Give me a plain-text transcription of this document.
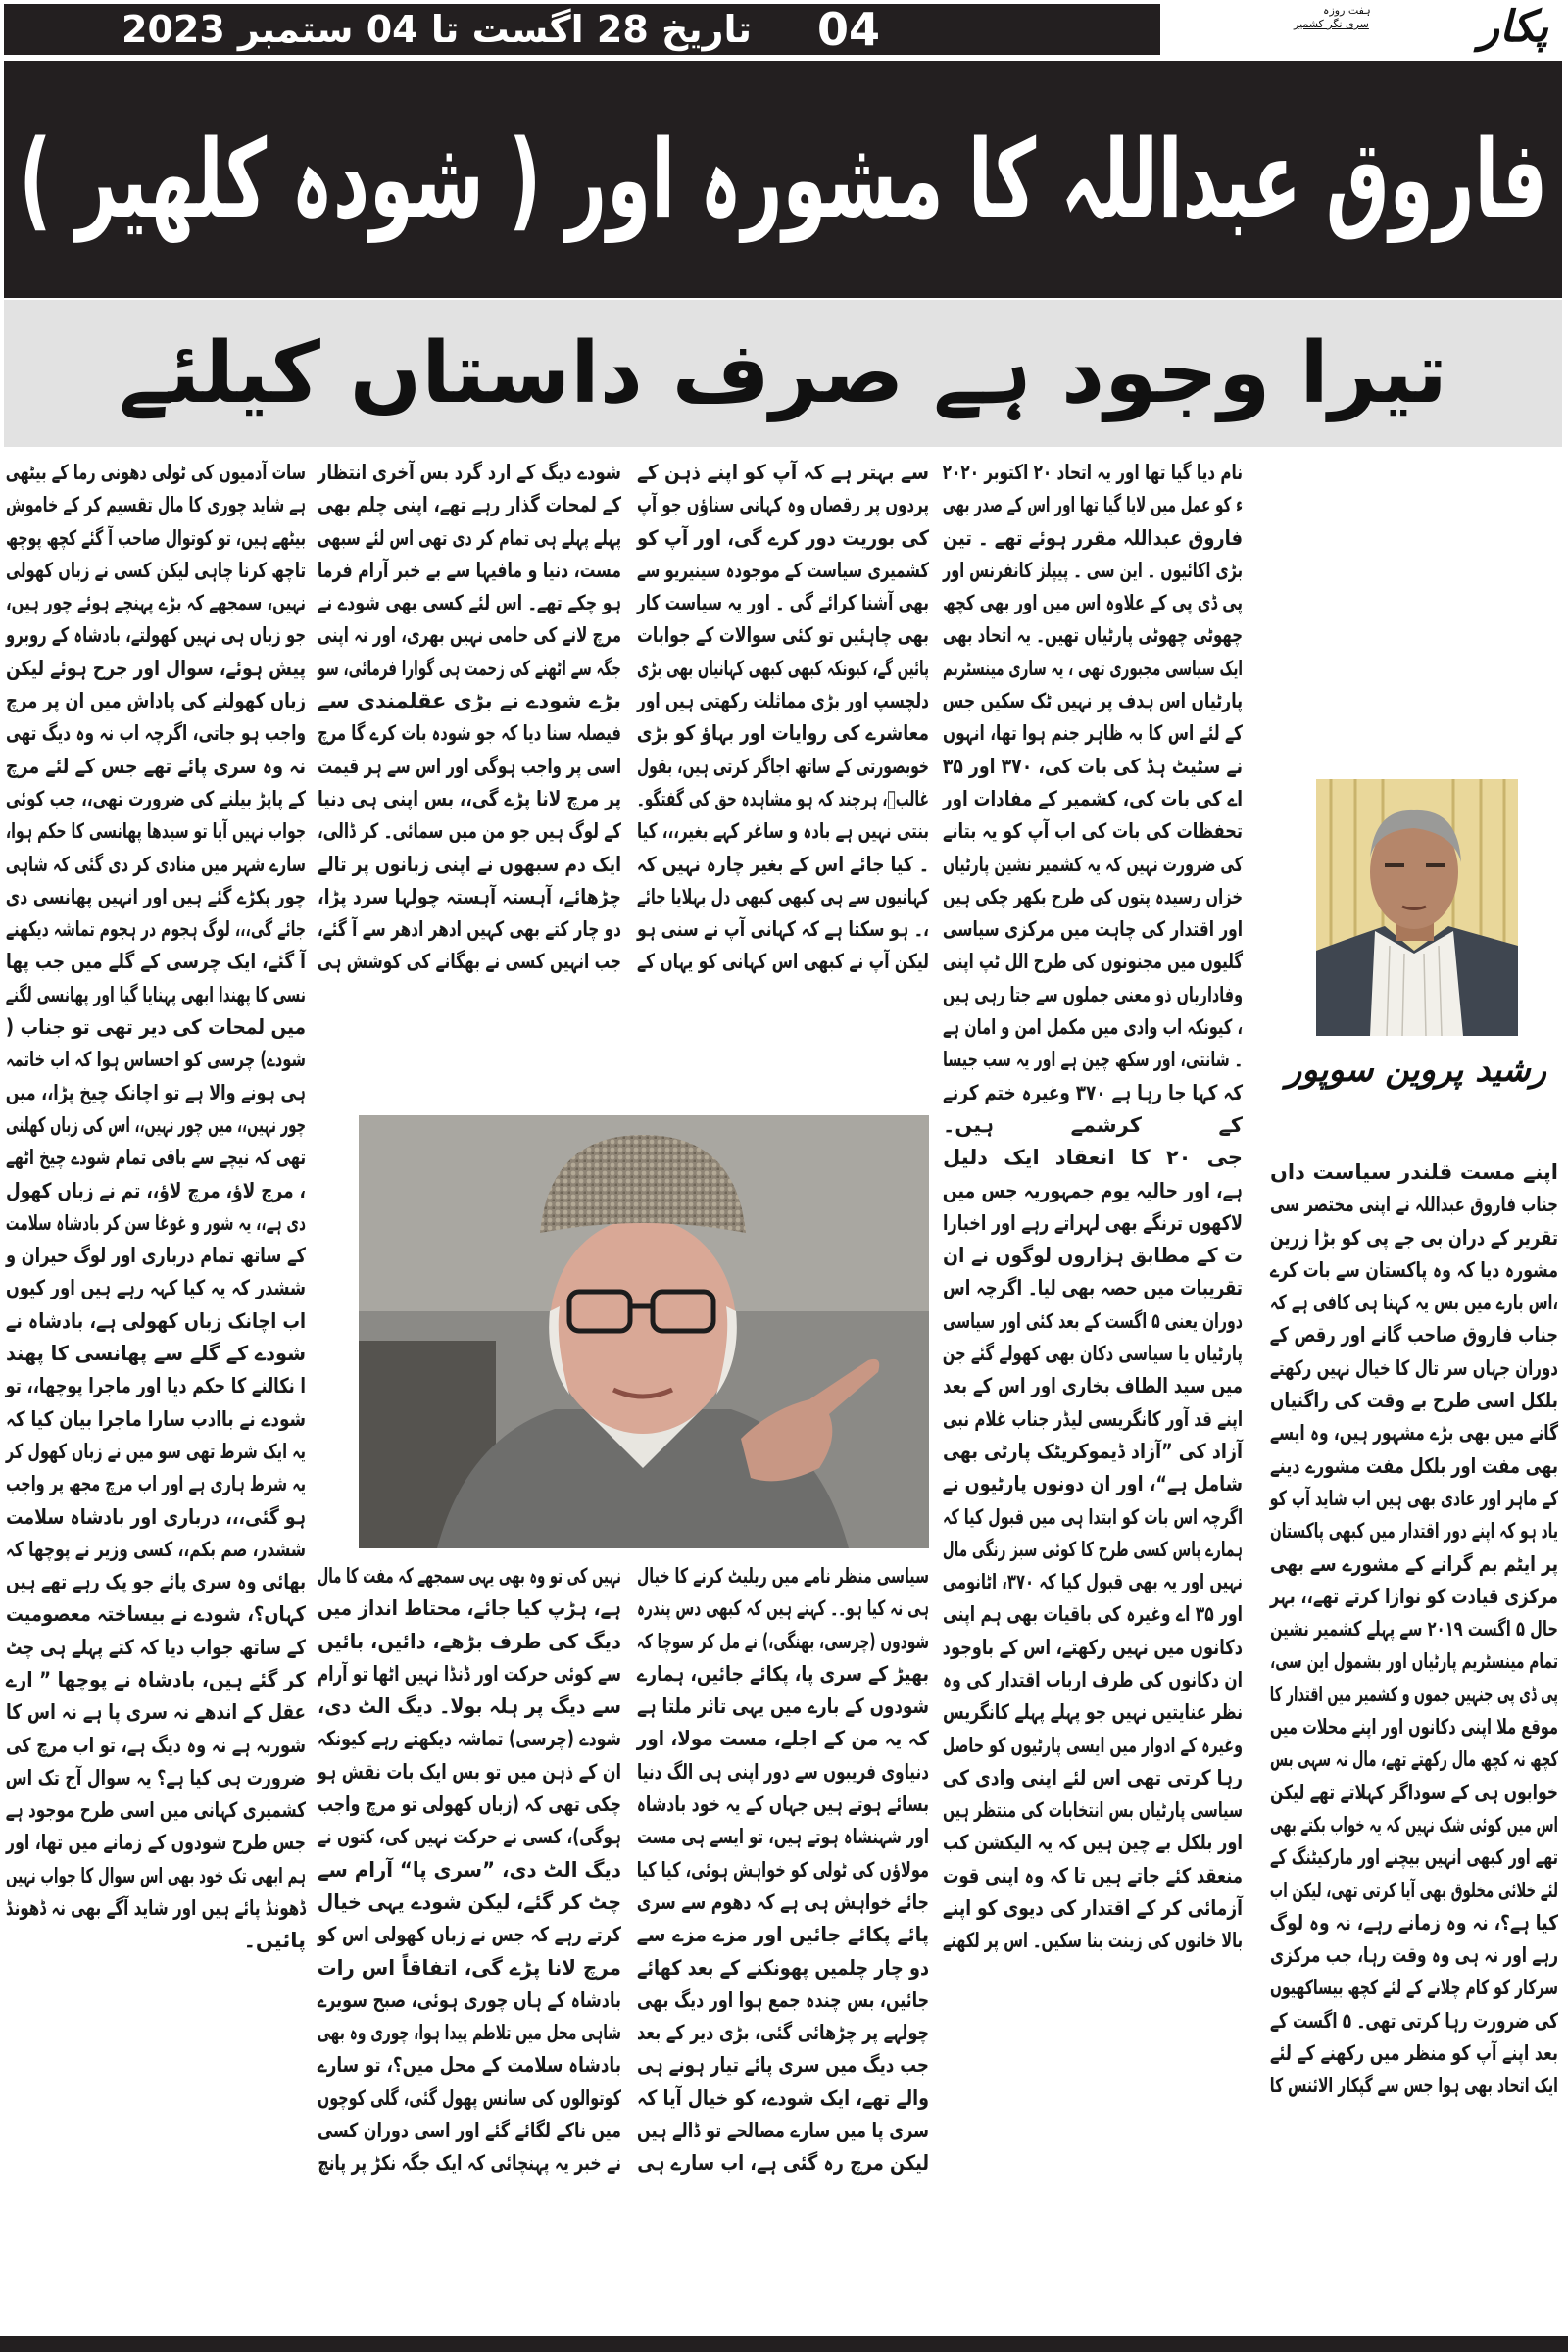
تاریخ 28 اگست تا 04 ستمبر 2023 04	پکار
ہفت روزہ
سری نگر کشمیر
فاروق عبداللہ کا مشورہ اور ( شودہ کلھیر )
تیرا وجود ہے صرف داستاں کیلئے
رشید پروین سوپور
اپنے مست قلندر سیاست داں
جناب فاروق عبداللہ نے اپنی مختصر سی
تقریر کے دران بی جے پی کو بڑا زرین
مشورہ دیا کہ وہ پاکستان سے بات کرے
،اس بارے میں بس یہ کہنا ہی کافی ہے کہ
جناب فاروق صاحب گانے اور رقص کے
دوران جہاں سر تال کا خیال نہیں رکھتے
بلکل اسی طرح بے وقت کی راگنیاں
گانے میں بھی بڑے مشہور ہیں، وہ ایسے
بھی مفت اور بلکل مفت مشورے دینے
کے ماہر اور عادی بھی ہیں اب شاید آپ کو
یاد ہو کہ اپنے دور اقتدار میں کبھی پاکستان
پر ایٹم بم گرانے کے مشورے سے بھی
مرکزی قیادت کو نوازا کرتے تھے،، بہر
حال ۵ اگست ۲۰۱۹ سے پہلے کشمیر نشین
تمام مینسٹریم پارٹیاں اور بشمول این سی،
پی ڈی پی جنہیں جموں و کشمیر میں اقتدار کا
موقع ملا اپنی دکانوں اور اپنے محلات میں
کچھ نہ کچھ مال رکھتے تھے، مال نہ سہی بس
خوابوں ہی کے سوداگر کہلاتے تھے لیکن
اس میں کوئی شک نہیں کہ یہ خواب بکتے بھی
تھے اور کبھی انہیں بیچنے اور مارکیٹنگ کے
لئے خلائی مخلوق بھی آیا کرتی تھی، لیکن اب
کیا ہے؟، نہ وہ زمانے رہے، نہ وہ لوگ
رہے اور نہ ہی وہ وقت رہا، جب مرکزی
سرکار کو کام چلانے کے لئے کچھ بیساکھیوں
کی ضرورت رہا کرتی تھی۔ ۵ اگست کے
بعد اپنے آپ کو منظر میں رکھنے کے لئے
ایک اتحاد بھی ہوا جس سے گپکار الائنس کا
نام دیا گیا تھا اور یہ اتحاد ۲۰ اکتوبر ۲۰۲۰
ء کو عمل میں لایا گیا تھا اور اس کے صدر بھی
فاروق عبداللہ مقرر ہوئے تھے ۔ تین
بڑی اکائیوں ۔ این سی ۔ پیپلز کانفرنس اور
پی ڈی پی کے علاوہ اس میں اور بھی کچھ
چھوٹی چھوٹی پارٹیاں تھیں۔ یہ اتحاد بھی
ایک سیاسی مجبوری تھی ، یہ ساری مینسٹریم
پارٹیاں اس ہدف پر نہیں ٹک سکیں جس
کے لئے اس کا بہ ظاہر جنم ہوا تھا، انہوں
نے سٹیٹ ہڈ کی بات کی، ۳۷۰ اور ۳۵
اے کی بات کی، کشمیر کے مفادات اور
تحفظات کی بات کی اب آپ کو یہ بتانے
کی ضرورت نہیں کہ یہ کشمیر نشین پارٹیاں
خزاں رسیدہ پتوں کی طرح بکھر چکی ہیں
اور اقتدار کی چاہت میں مرکزی سیاسی
گلیوں میں مجنونوں کی طرح الل ٹپ اپنی
وفاداریاں ذو معنی جملوں سے جتا رہی ہیں
، کیونکہ اب وادی میں مکمل امن و امان ہے
۔ شانتی، اور سکھ چین ہے اور یہ سب جیسا
کہ کہا جا رہا ہے ۳۷۰ وغیرہ ختم کرنے
کے کرشمے ہیں۔
جی ۲۰ کا انعقاد ایک دلیل
ہے، اور حالیہ یوم جمہوریہ جس میں
لاکھوں ترنگے بھی لہراتے رہے اور اخبارا
ت کے مطابق ہزاروں لوگوں نے ان
تقریبات میں حصہ بھی لیا۔ اگرچہ اس
دوران یعنی ۵ اگست کے بعد کئی اور سیاسی
پارٹیاں یا سیاسی دکان بھی کھولے گئے جن
میں سید الطاف بخاری اور اس کے بعد
اپنے قد آور کانگریسی لیڈر جناب غلام نبی
آزاد کی ”آزاد ڈیموکریٹک پارٹی بھی
شامل ہے“، اور ان دونوں پارٹیوں نے
اگرچہ اس بات کو ابتدا ہی میں قبول کیا کہ
ہمارے پاس کسی طرح کا کوئی سبز رنگی مال
نہیں اور یہ بھی قبول کیا کہ ۳۷۰، اٹانومی
اور ۳۵ اے وغیرہ کی باقیات بھی ہم اپنی
دکانوں میں نہیں رکھتے، اس کے باوجود
ان دکانوں کی طرف ارباب اقتدار کی وہ
نظر عنایتیں نہیں جو پہلے پہلے کانگریس
وغیرہ کے ادوار میں ایسی پارٹیوں کو حاصل
رہا کرتی تھی اس لئے اپنی وادی کی
سیاسی پارٹیاں بس انتخابات کی منتظر ہیں
اور بلکل بے چین ہیں کہ یہ الیکشن کب
منعقد کئے جاتے ہیں تا کہ وہ اپنی قوت
آزمائی کر کے اقتدار کی دیوی کو اپنے
بالا خانوں کی زینت بنا سکیں۔ اس پر لکھنے
سے بہتر ہے کہ آپ کو اپنے ذہن کے
پردوں پر رقصاں وہ کہانی سناؤں جو آپ
کی بوریت دور کرے گی، اور آپ کو
کشمیری سیاست کے موجودہ سینیریو سے
بھی آشنا کرائے گی ۔ اور یہ سیاست کار
بھی چاہئیں تو کئی سوالات کے جوابات
پائیں گے، کیونکہ کبھی کبھی کہانیاں بھی بڑی
دلچسپ اور بڑی مماثلت رکھتی ہیں اور
معاشرے کی روایات اور بہاؤ کو بڑی
خوبصورتی کے ساتھ اجاگر کرتی ہیں، بقول
غالبؔ، ہرچند کہ ہو مشاہدہ حق کی گفتگو۔
بنتی نہیں ہے بادہ و ساغر کہے بغیر،،، کیا
۔ کیا جائے اس کے بغیر چارہ نہیں کہ
کہانیوں سے ہی کبھی کبھی دل بہلایا جائے
،۔ ہو سکتا ہے کہ کہانی آپ نے سنی ہو
لیکن آپ نے کبھی اس کہانی کو یہاں کے
سیاسی منظر نامے میں ریلیٹ کرنے کا خیال
ہی نہ کیا ہو۔۔ کہتے ہیں کہ کبھی دس پندرہ
شودوں (چرسی، بھنگی،) نے مل کر سوچا کہ
بھیڑ کے سری پا، پکائے جائیں، ہمارے
شودوں کے بارے میں یہی تاثر ملتا ہے
کہ یہ من کے اجلے، مست مولا، اور
دنیاوی فریبوں سے دور اپنی ہی الگ دنیا
بسائے ہوتے ہیں جہاں کے یہ خود بادشاہ
اور شہنشاہ ہوتے ہیں، تو ایسے ہی مست
مولاؤں کی ٹولی کو خواہش ہوئی، کیا کیا
جائے خواہش ہی ہے کہ دھوم سے سری
پائے پکائے جائیں اور مزے مزے سے
دو چار چلمیں پھونکنے کے بعد کھائے
جائیں، بس چندہ جمع ہوا اور دیگ بھی
چولہے پر چڑھائی گئی، بڑی دیر کے بعد
جب دیگ میں سری پائے تیار ہونے ہی
والے تھے، ایک شودے، کو خیال آیا کہ
سری پا میں سارے مصالحے تو ڈالے ہیں
لیکن مرچ رہ گئی ہے، اب سارے ہی
شودے دیگ کے ارد گرد بس آخری انتظار
کے لمحات گذار رہے تھے، اپنی چلم بھی
پہلے پہلے ہی تمام کر دی تھی اس لئے سبھی
مست، دنیا و مافیہا سے بے خبر آرام فرما
ہو چکے تھے۔ اس لئے کسی بھی شودے نے
مرچ لانے کی حامی نہیں بھری، اور نہ اپنی
جگہ سے اٹھنے کی زحمت ہی گوارا فرمائی، سو
بڑے شودے نے بڑی عقلمندی سے
فیصلہ سنا دیا کہ جو شودہ بات کرے گا مرچ
اسی پر واجب ہوگی اور اس سے ہر قیمت
پر مرچ لانا پڑے گی،، بس اپنی ہی دنیا
کے لوگ ہیں جو من میں سمائی۔ کر ڈالی،
ایک دم سبھوں نے اپنی زبانوں پر تالے
چڑھائے، آہستہ آہستہ چولہا سرد پڑا،
دو چار کتے بھی کہیں ادھر ادھر سے آ گئے،
جب انہیں کسی نے بھگانے کی کوشش ہی
نہیں کی تو وہ بھی یہی سمجھے کہ مفت کا مال
ہے، ہڑپ کیا جائے، محتاط انداز میں
دیگ کی طرف بڑھے، دائیں، بائیں
سے کوئی حرکت اور ڈنڈا نہیں اٹھا تو آرام
سے دیگ پر ہلہ بولا۔ دیگ الٹ دی،
شودے (چرسی) تماشہ دیکھتے رہے کیونکہ
ان کے ذہن میں تو بس ایک بات نقش ہو
چکی تھی کہ (زباں کھولی تو مرچ واجب
ہوگی)، کسی نے حرکت نہیں کی، کتوں نے
دیگ الٹ دی، ”سری پا“ آرام سے
چٹ کر گئے، لیکن شودے یہی خیال
کرتے رہے کہ جس نے زباں کھولی اس کو
مرچ لانا پڑے گی، اتفاقاً اس رات
بادشاہ کے ہاں چوری ہوئی، صبح سویرے
شاہی محل میں تلاطم پیدا ہوا، چوری وہ بھی
بادشاہ سلامت کے محل میں؟، تو سارے
کوتوالوں کی سانس پھول گئی، گلی کوچوں
میں ناکے لگائے گئے اور اسی دوران کسی
نے خبر یہ پہنچائی کہ ایک جگہ نکڑ پر پانچ
سات آدمیوں کی ٹولی دھونی رما کے بیٹھی
ہے شاید چوری کا مال تقسیم کر کے خاموش
بیٹھے ہیں، تو کوتوال صاحب آ گئے کچھ پوچھ
تاچھ کرنا چاہی لیکن کسی نے زباں کھولی
نہیں، سمجھے کہ بڑے پہنچے ہوئے چور ہیں،
جو زباں ہی نہیں کھولتے، بادشاہ کے روبرو
پیش ہوئے، سوال اور جرح ہوئے لیکن
زباں کھولنے کی پاداش میں ان پر مرچ
واجب ہو جاتی، اگرچہ اب نہ وہ دیگ تھی
نہ وہ سری پائے تھے جس کے لئے مرچ
کے پاپڑ بیلنے کی ضرورت تھی،، جب کوئی
جواب نہیں آیا تو سیدھا پھانسی کا حکم ہوا،
سارے شہر میں منادی کر دی گئی کہ شاہی
چور پکڑے گئے ہیں اور انہیں پھانسی دی
جائے گی،،، لوگ ہجوم در ہجوم تماشہ دیکھنے
آ گئے، ایک چرسی کے گلے میں جب پھا
نسی کا پھندا ابھی پہنایا گیا اور پھانسی لگنے
میں لمحات کی دیر تھی تو جناب (
شودے) چرسی کو احساس ہوا کہ اب خاتمہ
ہی ہونے والا ہے تو اچانک چیخ پڑا،، میں
چور نہیں،، میں چور نہیں،، اس کی زباں کھلنی
تھی کہ نیچے سے باقی تمام شودے چیخ اٹھے
، مرچ لاؤ، مرچ لاؤ،، تم نے زباں کھول
دی ہے،، یہ شور و غوغا سن کر بادشاہ سلامت
کے ساتھ تمام درباری اور لوگ حیران و
ششدر کہ یہ کیا کہہ رہے ہیں اور کیوں
اب اچانک زباں کھولی ہے، بادشاہ نے
شودے کے گلے سے پھانسی کا پھند
ا نکالنے کا حکم دیا اور ماجرا پوچھا،، تو
شودے نے باادب سارا ماجرا بیان کیا کہ
یہ ایک شرط تھی سو میں نے زباں کھول کر
یہ شرط ہاری ہے اور اب مرچ مجھ پر واجب
ہو گئی،،، درباری اور بادشاہ سلامت
ششدر، صم بکم،، کسی وزیر نے پوچھا کہ
بھائی وہ سری پائے جو پک رہے تھے ہیں
کہاں؟، شودے نے بیساختہ معصومیت
کے ساتھ جواب دیا کہ کتے پہلے ہی چٹ
کر گئے ہیں، بادشاہ نے پوچھا ” ارے
عقل کے اندھے نہ سری پا ہے نہ اس کا
شوربہ ہے نہ وہ دیگ ہے، تو اب مرچ کی
ضرورت ہی کیا ہے؟ یہ سوال آج تک اس
کشمیری کہانی میں اسی طرح موجود ہے
جس طرح شودوں کے زمانے میں تھا، اور
ہم ابھی تک خود بھی اس سوال کا جواب نہیں
ڈھونڈ پائے ہیں اور شاید آگے بھی نہ ڈھونڈ
پائیں۔
